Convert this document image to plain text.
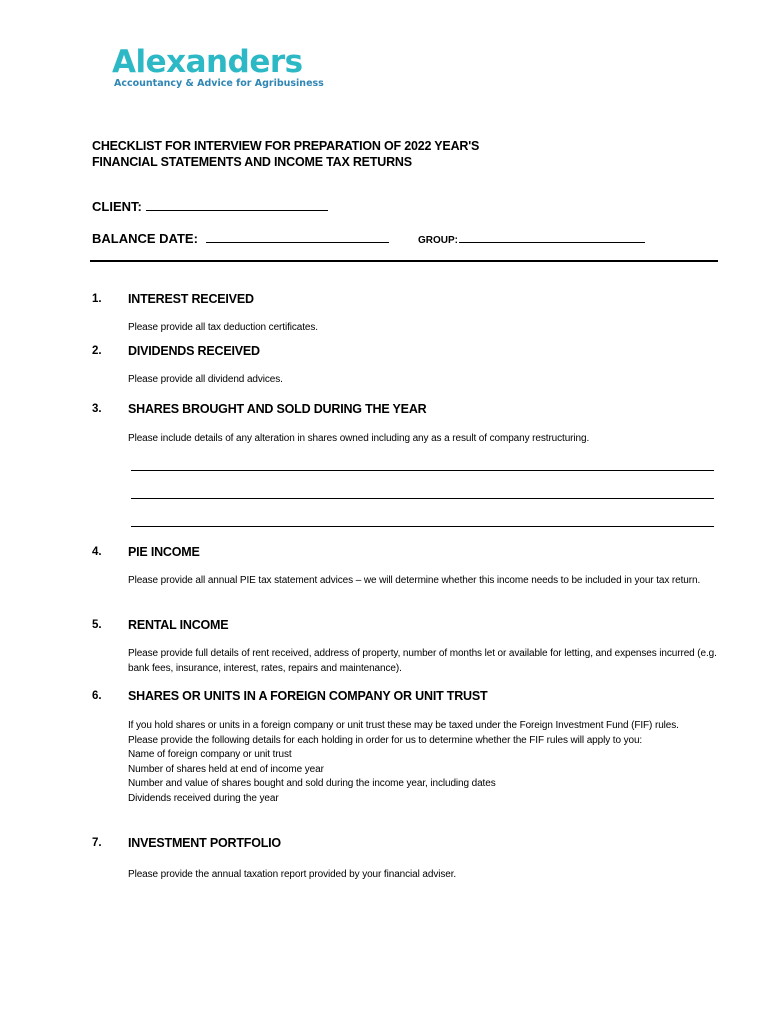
Alexanders
Accountancy & Advice for Agribusiness
CHECKLIST FOR INTERVIEW FOR PREPARATION OF 2022 YEAR'S
FINANCIAL STATEMENTS AND INCOME TAX RETURNS
CLIENT:
BALANCE DATE:	GROUP:
1. INTEREST RECEIVED
Please provide all tax deduction certificates.
2. DIVIDENDS RECEIVED
Please provide all dividend advices.
3. SHARES BROUGHT AND SOLD DURING THE YEAR
Please include details of any alteration in shares owned including any as a result of company restructuring.
4. PIE INCOME
Please provide all annual PIE tax statement advices – we will determine whether this income needs to be included in your tax return.
5. RENTAL INCOME
Please provide full details of rent received, address of property, number of months let or available for letting, and expenses incurred (e.g. bank fees, insurance, interest, rates, repairs and maintenance).
6. SHARES OR UNITS IN A FOREIGN COMPANY OR UNIT TRUST
If you hold shares or units in a foreign company or unit trust these may be taxed under the Foreign Investment Fund (FIF) rules.
Please provide the following details for each holding in order for us to determine whether the FIF rules will apply to you:
Name of foreign company or unit trust
Number of shares held at end of income year
Number and value of shares bought and sold during the income year, including dates
Dividends received during the year
7. INVESTMENT PORTFOLIO
Please provide the annual taxation report provided by your financial adviser.
